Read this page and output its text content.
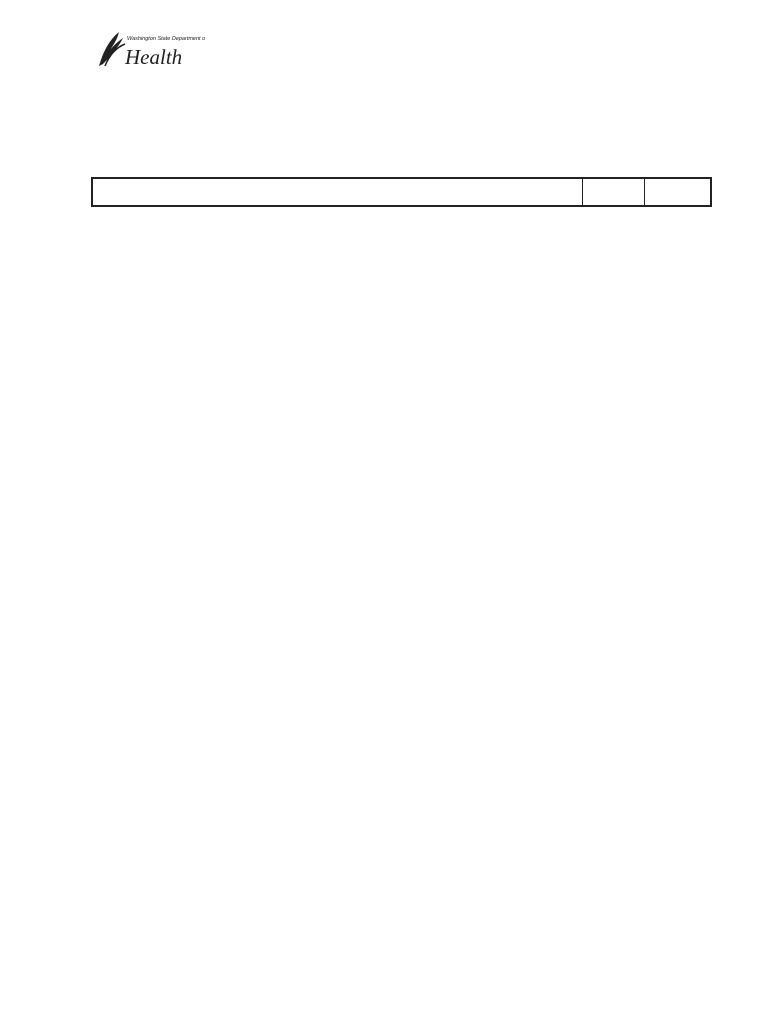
Washington State Department of
Health
